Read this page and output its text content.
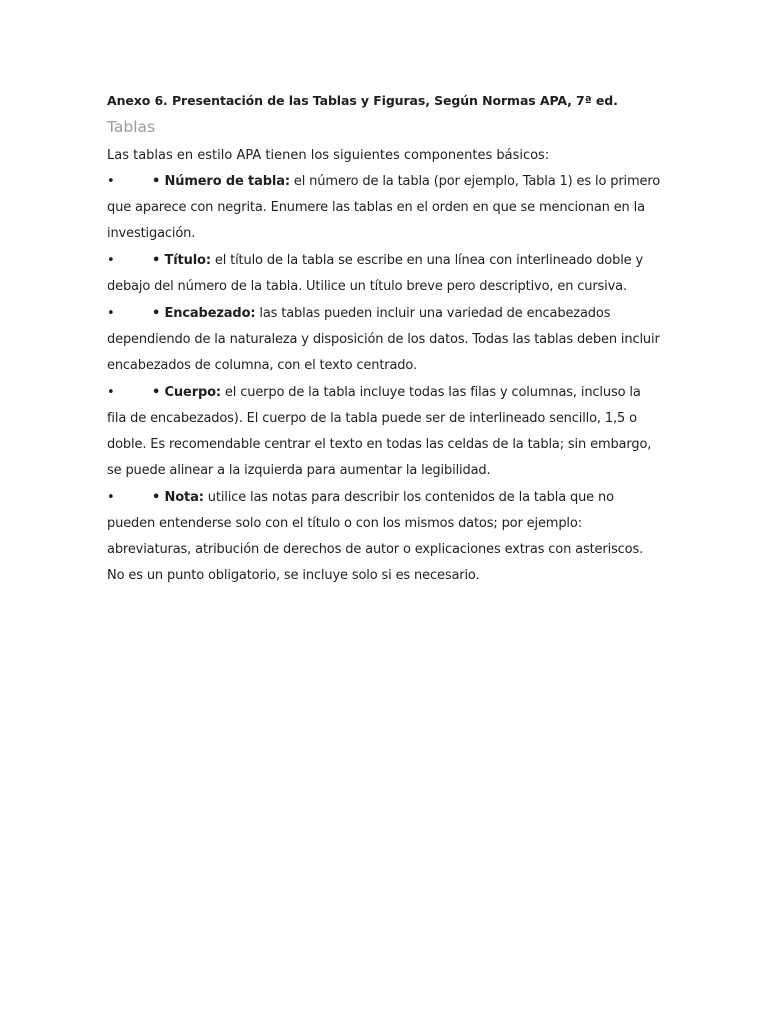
Anexo 6. Presentación de las Tablas y Figuras, Según Normas APA, 7ª ed.

Tablas

Las tablas en estilo APA tienen los siguientes componentes básicos:

•	• Número de tabla: el número de la tabla (por ejemplo, Tabla 1) es lo primero que aparece con negrita. Enumere las tablas en el orden en que se mencionan en la investigación.
•	• Título: el título de la tabla se escribe en una línea con interlineado doble y debajo del número de la tabla. Utilice un título breve pero descriptivo, en cursiva.
•	• Encabezado: las tablas pueden incluir una variedad de encabezados dependiendo de la naturaleza y disposición de los datos. Todas las tablas deben incluir encabezados de columna, con el texto centrado.
•	• Cuerpo: el cuerpo de la tabla incluye todas las filas y columnas, incluso la fila de encabezados). El cuerpo de la tabla puede ser de interlineado sencillo, 1,5 o doble. Es recomendable centrar el texto en todas las celdas de la tabla; sin embargo, se puede alinear a la izquierda para aumentar la legibilidad.
•	• Nota: utilice las notas para describir los contenidos de la tabla que no pueden entenderse solo con el título o con los mismos datos; por ejemplo: abreviaturas, atribución de derechos de autor o explicaciones extras con asteriscos. No es un punto obligatorio, se incluye solo si es necesario.
